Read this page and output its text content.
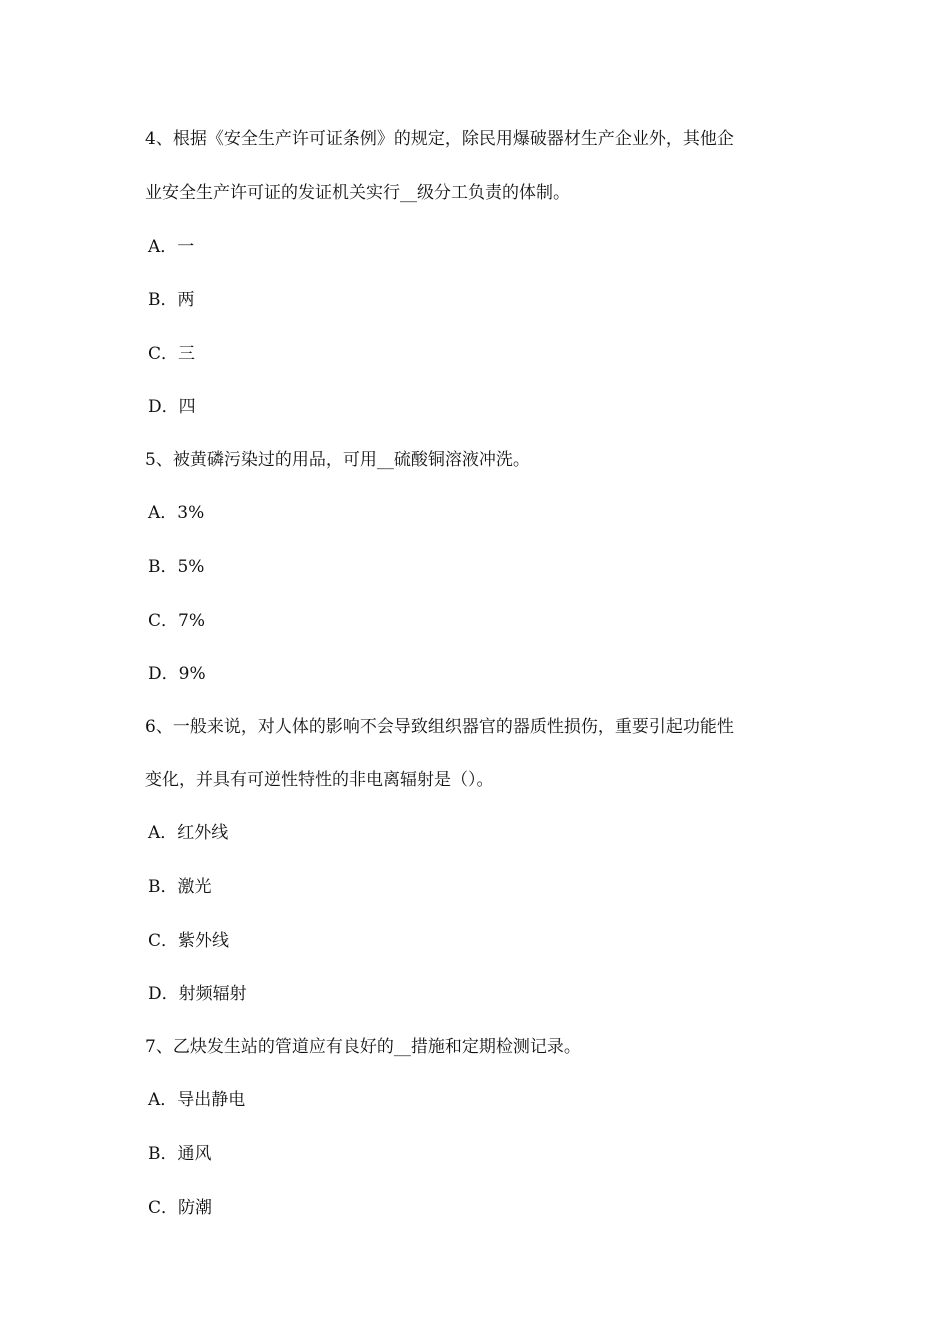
4、根据《安全生产许可证条例》的规定，除民用爆破器材生产企业外，其他企
业安全生产许可证的发证机关实行__级分工负责的体制。
A．一
B．两
C．三
D．四
5、被黄磷污染过的用品，可用__硫酸铜溶液冲洗。
A．3%
B．5%
C．7%
D．9%
6、一般来说，对人体的影响不会导致组织器官的器质性损伤，重要引起功能性
变化，并具有可逆性特性的非电离辐射是（）。
A．红外线
B．激光
C．紫外线
D．射频辐射
7、乙炔发生站的管道应有良好的__措施和定期检测记录。
A．导出静电
B．通风
C．防潮
